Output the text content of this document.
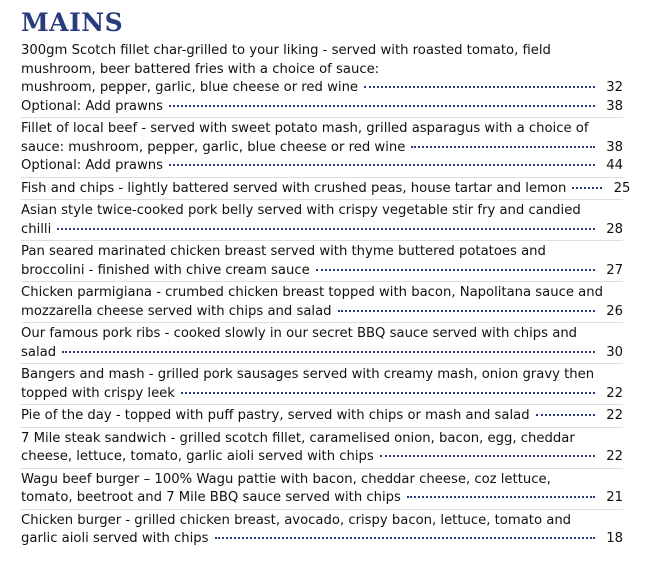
MAINS
300gm Scotch fillet char-grilled to your liking - served with roasted tomato, field
mushroom, beer battered fries with a choice of sauce:
mushroom, pepper, garlic, blue cheese or red wine	32
Optional: Add prawns	38
Fillet of local beef - served with sweet potato mash, grilled asparagus with a choice of
sauce: mushroom, pepper, garlic, blue cheese or red wine	38
Optional: Add prawns	44
Fish and chips - lightly battered served with crushed peas, house tartar and lemon	25
Asian style twice-cooked pork belly served with crispy vegetable stir fry and candied
chilli	28
Pan seared marinated chicken breast served with thyme buttered potatoes and
broccolini - finished with chive cream sauce	27
Chicken parmigiana - crumbed chicken breast topped with bacon, Napolitana sauce and
mozzarella cheese served with chips and salad	26
Our famous pork ribs - cooked slowly in our secret BBQ sauce served with chips and
salad	30
Bangers and mash - grilled pork sausages served with creamy mash, onion gravy then
topped with crispy leek	22
Pie of the day - topped with puff pastry, served with chips or mash and salad	22
7 Mile steak sandwich - grilled scotch fillet, caramelised onion, bacon, egg, cheddar
cheese, lettuce, tomato, garlic aioli served with chips	22
Wagu beef burger – 100% Wagu pattie with bacon, cheddar cheese, coz lettuce,
tomato, beetroot and 7 Mile BBQ sauce served with chips	21
Chicken burger - grilled chicken breast, avocado, crispy bacon, lettuce, tomato and
garlic aioli served with chips	18
